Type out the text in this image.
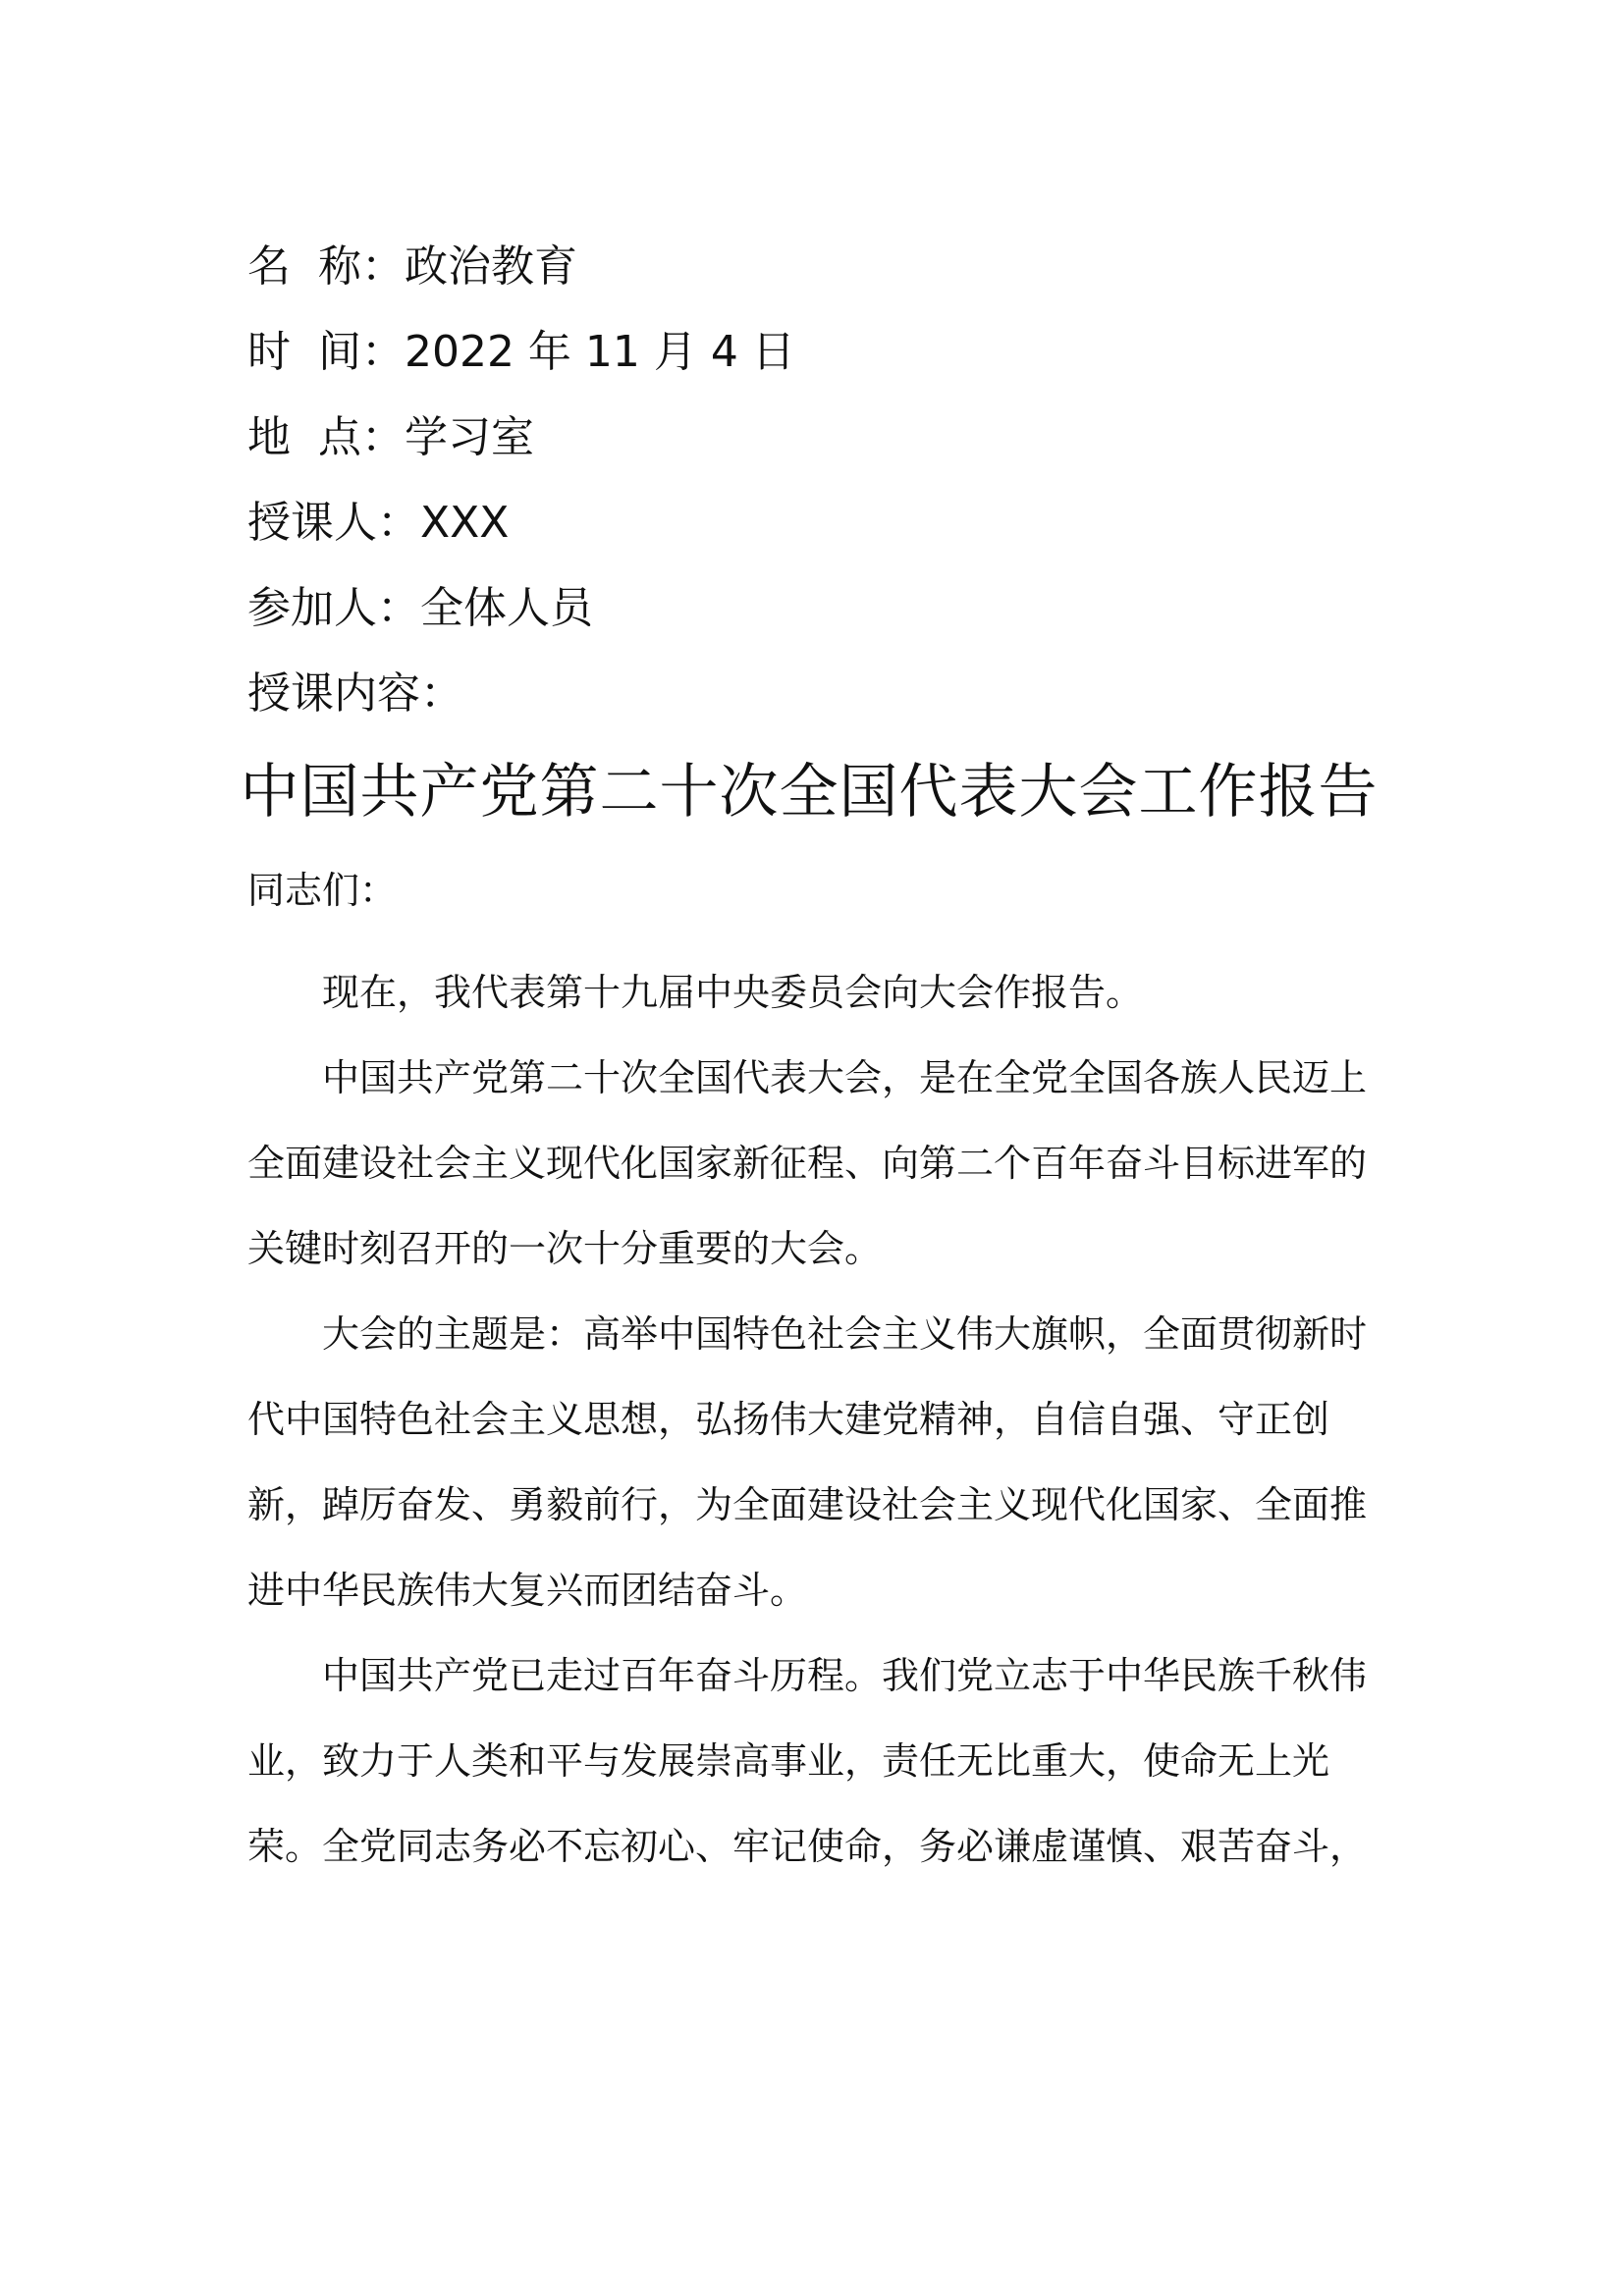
名  称：政治教育
时  间：2022 年 11 月 4 日
地  点：学习室
授课人：XXX
参加人：全体人员
授课内容：
中国共产党第二十次全国代表大会工作报告
同志们：

现在，我代表第十九届中央委员会向大会作报告。

中国共产党第二十次全国代表大会，是在全党全国各族人民迈上全面建设社会主义现代化国家新征程、向第二个百年奋斗目标进军的关键时刻召开的一次十分重要的大会。

大会的主题是：高举中国特色社会主义伟大旗帜，全面贯彻新时代中国特色社会主义思想，弘扬伟大建党精神，自信自强、守正创新，踔厉奋发、勇毅前行，为全面建设社会主义现代化国家、全面推进中华民族伟大复兴而团结奋斗。

中国共产党已走过百年奋斗历程。我们党立志于中华民族千秋伟业，致力于人类和平与发展崇高事业，责任无比重大，使命无上光荣。全党同志务必不忘初心、牢记使命，务必谦虚谨慎、艰苦奋斗，
